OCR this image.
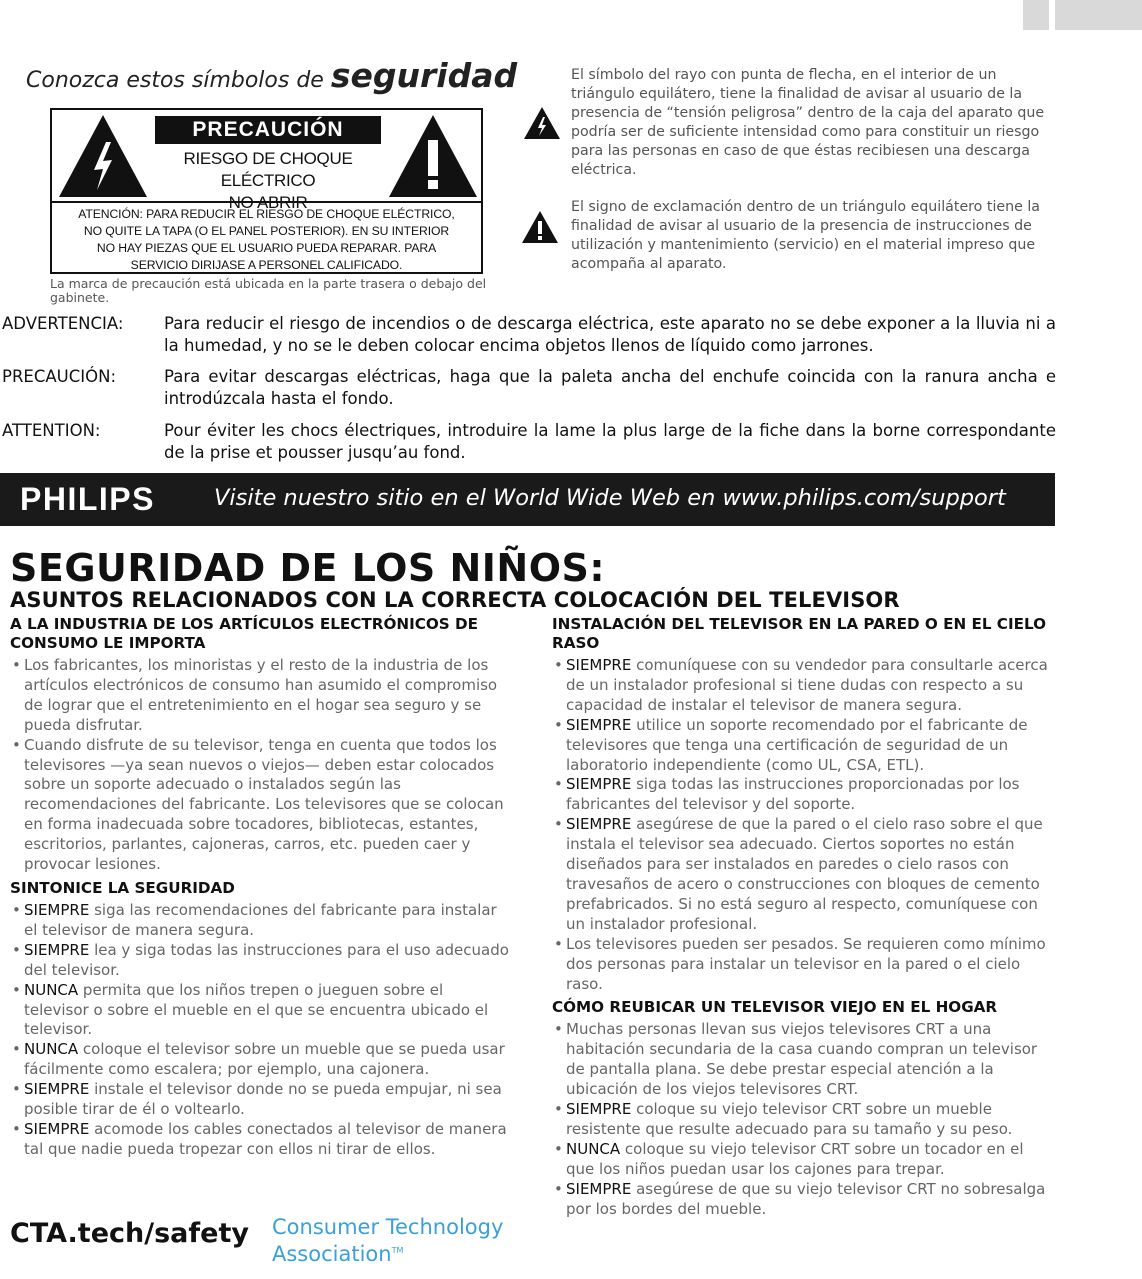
Conozca estos símbolos de seguridad
PRECAUCIÓN
RIESGO DE CHOQUE ELÉCTRICO
NO ABRIR
ATENCIÓN: PARA REDUCIR EL RIESGO DE CHOQUE ELÉCTRICO,
NO QUITE LA TAPA (O EL PANEL POSTERIOR). EN SU INTERIOR
NO HAY PIEZAS QUE EL USUARIO PUEDA REPARAR. PARA
SERVICIO DIRIJASE A PERSONEL CALIFICADO.
La marca de precaución está ubicada en la parte trasera o debajo del gabinete.
El símbolo del rayo con punta de flecha, en el interior de un triángulo equilátero, tiene la finalidad de avisar al usuario de la presencia de “tensión peligrosa” dentro de la caja del aparato que podría ser de suficiente intensidad como para constituir un riesgo para las personas en caso de que éstas recibiesen una descarga eléctrica.
El signo de exclamación dentro de un triángulo equilátero tiene la finalidad de avisar al usuario de la presencia de instrucciones de utilización y mantenimiento (servicio) en el material impreso que acompaña al aparato.
ADVERTENCIA: Para reducir el riesgo de incendios o de descarga eléctrica, este aparato no se debe exponer a la lluvia ni a la humedad, y no se le deben colocar encima objetos llenos de líquido como jarrones.
PRECAUCIÓN:	Para evitar descargas eléctricas, haga que la paleta ancha del enchufe coincida con la ranura ancha e introdúzcala hasta el fondo.
ATTENTION:	Pour éviter les chocs électriques, introduire la lame la plus large de la fiche dans la borne correspondante de la prise et pousser jusqu’au fond.
PHILIPS	Visite nuestro sitio en el World Wide Web en www.philips.com/support
SEGURIDAD DE LOS NIÑOS:
ASUNTOS RELACIONADOS CON LA CORRECTA COLOCACIÓN DEL TELEVISOR
A LA INDUSTRIA DE LOS ARTÍCULOS ELECTRÓNICOS DE CONSUMO LE IMPORTA
• Los fabricantes, los minoristas y el resto de la industria de los artículos electrónicos de consumo han asumido el compromiso de lograr que el entretenimiento en el hogar sea seguro y se pueda disfrutar.
• Cuando disfrute de su televisor, tenga en cuenta que todos los televisores —ya sean nuevos o viejos— deben estar colocados sobre un soporte adecuado o instalados según las recomendaciones del fabricante. Los televisores que se colocan en forma inadecuada sobre tocadores, bibliotecas, estantes, escritorios, parlantes, cajoneras, carros, etc. pueden caer y provocar lesiones.
SINTONICE LA SEGURIDAD
• SIEMPRE siga las recomendaciones del fabricante para instalar el televisor de manera segura.
• SIEMPRE lea y siga todas las instrucciones para el uso adecuado del televisor.
• NUNCA permita que los niños trepen o jueguen sobre el televisor o sobre el mueble en el que se encuentra ubicado el televisor.
• NUNCA coloque el televisor sobre un mueble que se pueda usar fácilmente como escalera; por ejemplo, una cajonera.
• SIEMPRE instale el televisor donde no se pueda empujar, ni sea posible tirar de él o voltearlo.
• SIEMPRE acomode los cables conectados al televisor de manera tal que nadie pueda tropezar con ellos ni tirar de ellos.
INSTALACIÓN DEL TELEVISOR EN LA PARED O EN EL CIELO RASO
• SIEMPRE comuníquese con su vendedor para consultarle acerca de un instalador profesional si tiene dudas con respecto a su capacidad de instalar el televisor de manera segura.
• SIEMPRE utilice un soporte recomendado por el fabricante de televisores que tenga una certificación de seguridad de un laboratorio independiente (como UL, CSA, ETL).
• SIEMPRE siga todas las instrucciones proporcionadas por los fabricantes del televisor y del soporte.
• SIEMPRE asegúrese de que la pared o el cielo raso sobre el que instala el televisor sea adecuado. Ciertos soportes no están diseñados para ser instalados en paredes o cielo rasos con travesaños de acero o construcciones con bloques de cemento prefabricados. Si no está seguro al respecto, comuníquese con un instalador profesional.
• Los televisores pueden ser pesados. Se requieren como mínimo dos personas para instalar un televisor en la pared o el cielo raso.
CÓMO REUBICAR UN TELEVISOR VIEJO EN EL HOGAR
• Muchas personas llevan sus viejos televisores CRT a una habitación secundaria de la casa cuando compran un televisor de pantalla plana. Se debe prestar especial atención a la ubicación de los viejos televisores CRT.
• SIEMPRE coloque su viejo televisor CRT sobre un mueble resistente que resulte adecuado para su tamaño y su peso.
• NUNCA coloque su viejo televisor CRT sobre un tocador en el que los niños puedan usar los cajones para trepar.
• SIEMPRE asegúrese de que su viejo televisor CRT no sobresalga por los bordes del mueble.
CTA.tech/safety Consumer Technology
Association™
